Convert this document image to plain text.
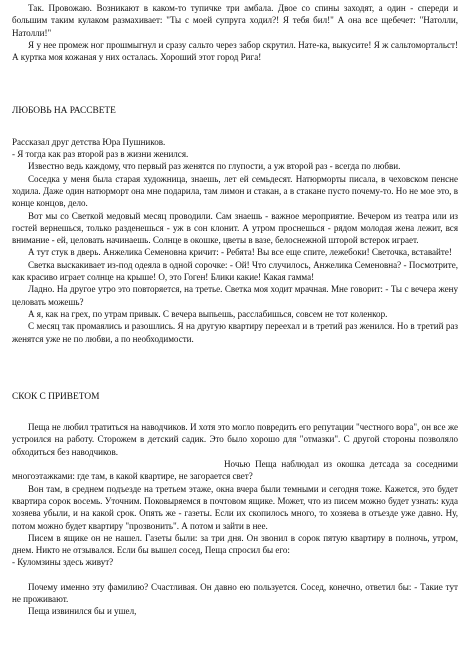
Так. Провожаю. Возникают в каком-то тупичке три амбала. Двое со спины заходят, а один - спереди и большим таким кулаком размахивает: "Ты с моей супруга ходил?! Я тебя бил!" А она все щебечет: "Натолли, Натолли!"

Я у нее промеж ног прошмыгнул и сразу сальто через забор скрутил. Нате-ка, выкусите! Я ж сальтомортальст! А куртка моя кожаная у них осталась. Хороший этот город Рига!

ЛЮБОВЬ НА РАССВЕТЕ

Рассказал друг детства Юра Пушников.

- Я тогда как раз второй раз в жизни женился.

Известно ведь каждому, что первый раз женятся по глупости, а уж второй раз - всегда по любви.

Соседка у меня была старая художница, знаешь, лет ей семьдесят. Натюрморты писала, в чеховском пенсне ходила. Даже один натюрморт она мне подарила, там лимон и стакан, а в стакане пусто почему-то. Но не мое это, в конце концов, дело.

Вот мы со Светкой медовый месяц проводили. Сам знаешь - важное мероприятие. Вечером из театра или из гостей вернешься, только разденешься - уж в сон клонит. А утром проснешься - рядом молодая жена лежит, вся внимание - ей, целовать начинаешь. Солнце в окошке, цветы в вазе, белоснежной шторой встерок играет.

А тут стук в дверь. Анжелика Семеновна кричит: - Ребята! Вы все еще спите, лежебоки! Светочка, вставайте!

Светка выскакивает из-под одеяла в одной сорочке: - Ой! Что случилось, Анжелика Семеновна? - Посмотрите, как красиво играет солнце на крыше! О, это Гоген! Блики какие! Какая гамма!

Ладно. На другое утро это повторяется, на третье. Светка моя ходит мрачная. Мне говорит: - Ты с вечера жену целовать можешь?

А я, как на грех, по утрам привык. С вечера выпьешь, расслабишься, совсем не тот коленкор.

С месяц так промаялись и разошлись. Я на другую квартиру переехал и в третий раз женился. Но в третий раз женятся уже не по любви, а по необходимости.

СКОК С ПРИВЕТОМ

Пеща не любил тратиться на наводчиков. И хотя это могло повредить его репутации "честного вора", он все же устроился на работу. Сторожем в детский садик. Это было хорошо для "отмазки". С другой стороны позволяло обходиться без наводчиков.

Ночью Пеща наблюдал из окошка детсада за соседними многоэтажками: где там, в какой квартире, не загорается свет?

Вон там, в среднем подъезде на третьем этаже, окна вчера были темными и сегодня тоже. Кажется, это будет квартира сорок восемь. Уточним. Поковыряемся в почтовом ящике. Может, что из писем можно будет узнать: куда хозяева убыли, и на какой срок. Опять же - газеты. Если их скопилось много, то хозяева в отъезде уже давно. Ну, потом можно будет квартиру "прозвонить". А потом и зайти в нее.

Писем в ящике он не нашел. Газеты были: за три дня. Он звонил в сорок пятую квартиру в полночь, утром, днем. Никто не отзывался. Если бы вышел сосед, Пеща спросил бы его:

- Куломзины здесь живут?

Почему именно эту фамилию? Счастливая. Он давно ею пользуется. Сосед, конечно, ответил бы: - Такие тут не проживают.

Пеща извинился бы и ушел,
